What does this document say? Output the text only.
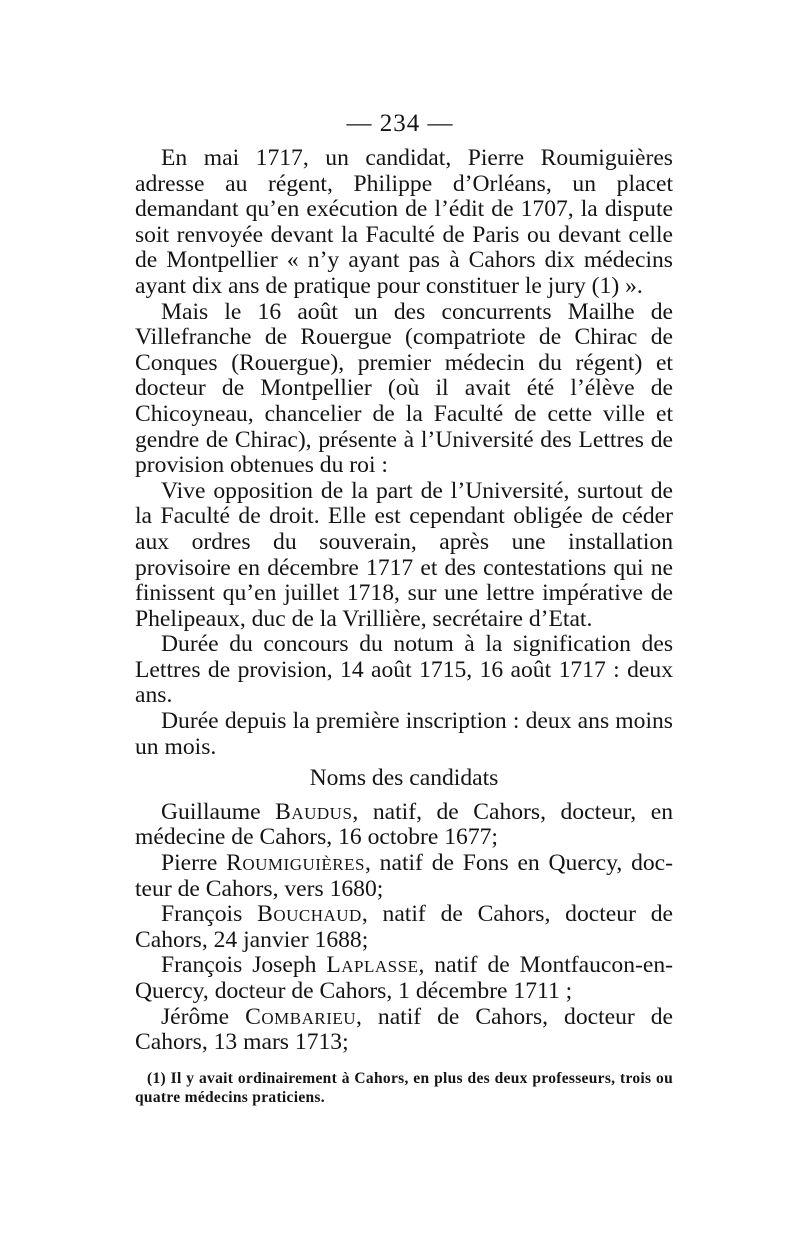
— 234 —

En mai 1717, un candidat, Pierre Roumiguières adresse au régent, Philippe d’Orléans, un placet demandant qu’en exécution de l’édit de 1707, la dispute soit renvoyée devant la Faculté de Paris ou devant celle de Montpellier « n’y ayant pas à Cahors dix médecins ayant dix ans de pratique pour constituer le jury (1) ».

Mais le 16 août un des concurrents Mailhe de Villefranche de Rouergue (compatriote de Chirac de Conques (Rouergue), premier médecin du régent) et docteur de Montpellier (où il avait été l’élève de Chicoyneau, chancelier de la Faculté de cette ville et gendre de Chirac), présente à l’Université des Lettres de provision obtenues du roi :

Vive opposition de la part de l’Université, surtout de la Faculté de droit. Elle est cependant obligée de céder aux ordres du souverain, après une installation provisoire en décembre 1717 et des contestations qui ne finissent qu’en juillet 1718, sur une lettre impérative de Phelipeaux, duc de la Vrillière, secrétaire d’Etat.

Durée du concours du notum à la signification des Lettres de provision, 14 août 1715, 16 août 1717 : deux ans.

Durée depuis la première inscription : deux ans moins un mois.

Noms des candidats

Guillaume Baudus, natif, de Cahors, docteur, en médecine de Cahors, 16 octobre 1677;

Pierre Roumiguières, natif de Fons en Quercy, docteur de Cahors, vers 1680;

François Bouchaud, natif de Cahors, docteur de Cahors, 24 janvier 1688;

François Joseph Laplasse, natif de Montfaucon-en-Quercy, docteur de Cahors, 1 décembre 1711 ;

Jérôme Combarieu, natif de Cahors, docteur de Cahors, 13 mars 1713;

(1) Il y avait ordinairement à Cahors, en plus des deux professeurs, trois ou quatre médecins praticiens.
